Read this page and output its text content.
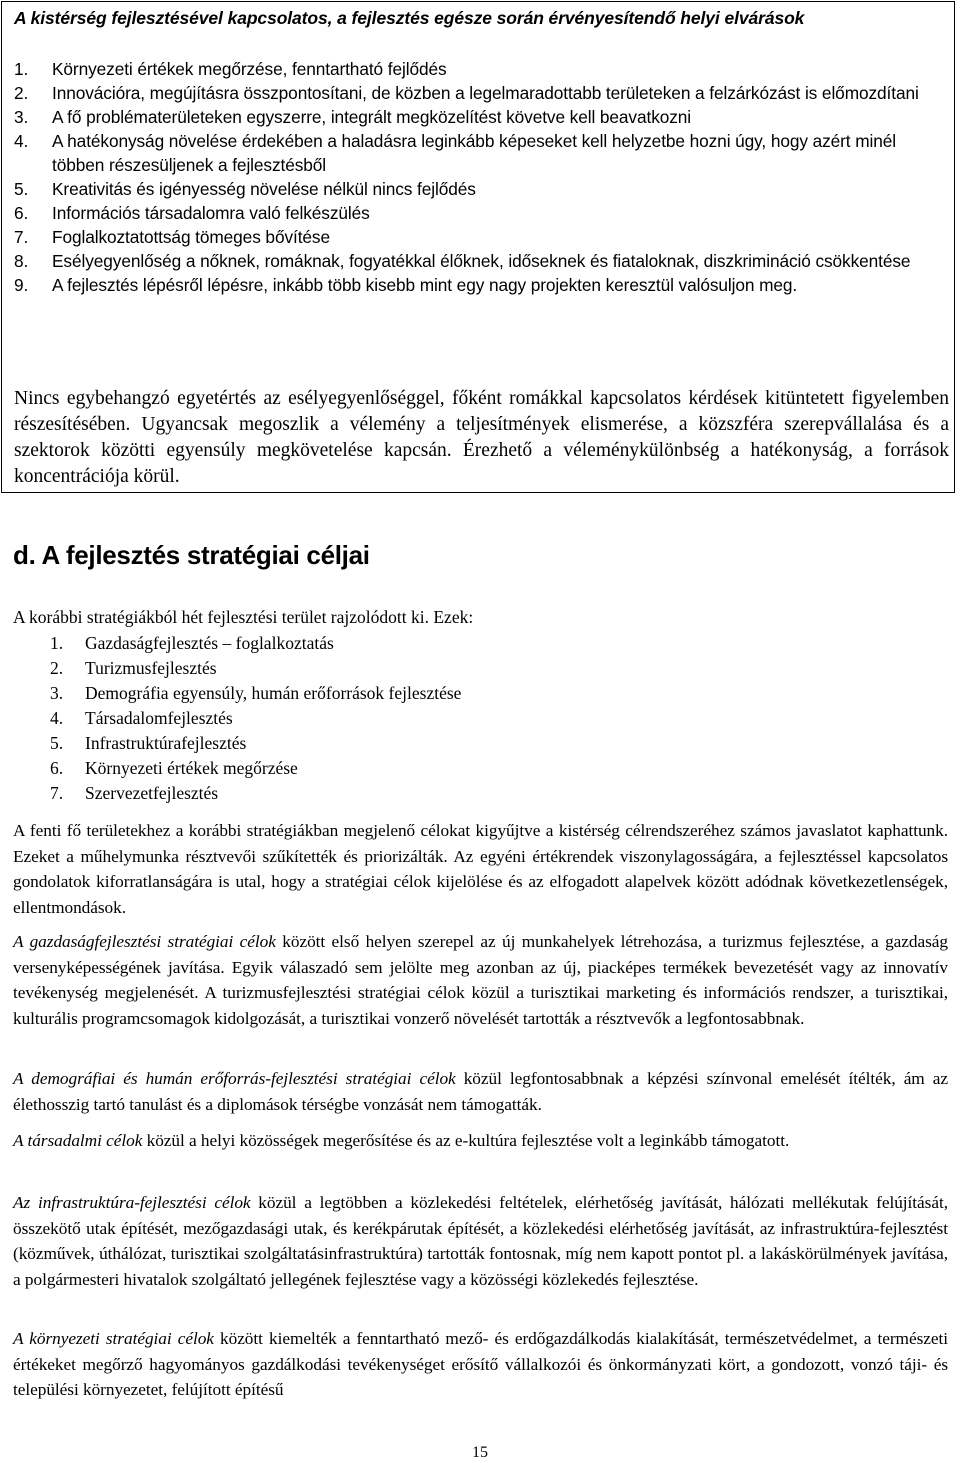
A kistérség fejlesztésével kapcsolatos, a fejlesztés egésze során érvényesítendő helyi elvárások
1. Környezeti értékek megőrzése, fenntartható fejlődés
2. Innovációra, megújításra összpontosítani, de közben a legelmaradottabb területeken a felzárkózást is előmozdítani
3. A fő problématerületeken egyszerre, integrált megközelítést követve kell beavatkozni
4. A hatékonyság növelése érdekében a haladásra leginkább képeseket kell helyzetbe hozni úgy, hogy azért minél többen részesüljenek a fejlesztésből
5. Kreativitás és igényesség növelése nélkül nincs fejlődés
6. Információs társadalomra való felkészülés
7. Foglalkoztatottság tömeges bővítése
8. Esélyegyenlőség a nőknek, romáknak, fogyatékkal élőknek, időseknek és fiataloknak, diszkrimináció csökkentése
9. A fejlesztés lépésről lépésre, inkább több kisebb mint egy nagy projekten keresztül valósuljon meg.
Nincs egybehangzó egyetértés az esélyegyenlőséggel, főként romákkal kapcsolatos kérdések kitüntetett figyelemben részesítésében. Ugyancsak megoszlik a vélemény a teljesítmények elismerése, a közszféra szerepvállalása és a szektorok közötti egyensúly megkövetelése kapcsán. Érezhető a véleménykülönbség a hatékonyság, a források koncentrációja körül.
d. A fejlesztés stratégiai céljai
A korábbi stratégiákból hét fejlesztési terület rajzolódott ki. Ezek:
1. Gazdaságfejlesztés – foglalkoztatás
2. Turizmusfejlesztés
3. Demográfia egyensúly, humán erőforrások fejlesztése
4. Társadalomfejlesztés
5. Infrastruktúrafejlesztés
6. Környezeti értékek megőrzése
7. Szervezetfejlesztés
A fenti fő területekhez a korábbi stratégiákban megjelenő célokat kigyűjtve a kistérség célrendszeréhez számos javaslatot kaphattunk. Ezeket a műhelymunka résztvevői szűkítették és priorizálták. Az egyéni értékrendek viszonylagosságára, a fejlesztéssel kapcsolatos gondolatok kiforratlanságára is utal, hogy a stratégiai célok kijelölése és az elfogadott alapelvek között adódnak következetlenségek, ellentmondások.
A gazdaságfejlesztési stratégiai célok között első helyen szerepel az új munkahelyek létrehozása, a turizmus fejlesztése, a gazdaság versenyképességének javítása. Egyik válaszadó sem jelölte meg azonban az új, piacképes termékek bevezetését vagy az innovatív tevékenység megjelenését. A turizmusfejlesztési stratégiai célok közül a turisztikai marketing és információs rendszer, a turisztikai, kulturális programcsomagok kidolgozását, a turisztikai vonzerő növelését tartották a résztvevők a legfontosabbnak.
A demográfiai és humán erőforrás-fejlesztési stratégiai célok közül legfontosabbnak a képzési színvonal emelését ítélték, ám az élethosszig tartó tanulást és a diplomások térségbe vonzását nem támogatták.
A társadalmi célok közül a helyi közösségek megerősítése és az e-kultúra fejlesztése volt a leginkább támogatott.
Az infrastruktúra-fejlesztési célok közül a legtöbben a közlekedési feltételek, elérhetőség javítását, hálózati mellékutak felújítását, összekötő utak építését, mezőgazdasági utak, és kerékpárutak építését, a közlekedési elérhetőség javítását, az infrastruktúra-fejlesztést (közművek, úthálózat, turisztikai szolgáltatásinfrastruktúra) tartották fontosnak, míg nem kapott pontot pl. a lakáskörülmények javítása, a polgármesteri hivatalok szolgáltató jellegének fejlesztése vagy a közösségi közlekedés fejlesztése.
A környezeti stratégiai célok között kiemelték a fenntartható mező- és erdőgazdálkodás kialakítását, természetvédelmet, a természeti értékeket megőrző hagyományos gazdálkodási tevékenységet erősítő vállalkozói és önkormányzati kört, a gondozott, vonzó táji- és települési környezetet, felújított építésű
15
